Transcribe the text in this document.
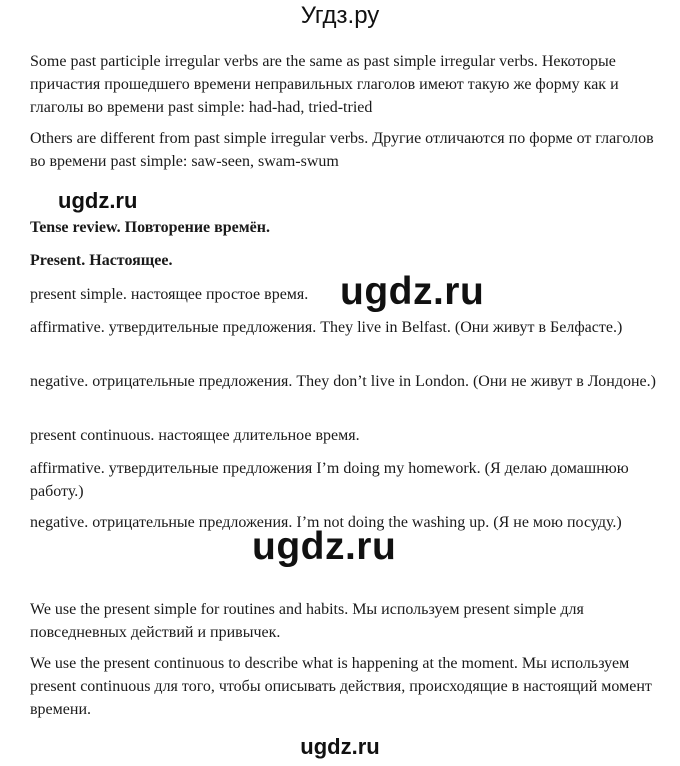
Угдз.ру

Some past participle irregular verbs are the same as past simple irregular verbs. Некоторые причастия прошедшего времени неправильных глаголов имеют такую же форму как и глаголы во времени past simple: had-had, tried-tried

Others are different from past simple irregular verbs. Другие отличаются по форме от глаголов во времени past simple: saw-seen, swam-swum

ugdz.ru

Tense review. Повторение времён.

Present. Настоящее.

present simple. настоящее простое время. ugdz.ru

affirmative. утвердительные предложения. They live in Belfast. (Они живут в Белфасте.)

negative. отрицательные предложения. They don’t live in London. (Они не живут в Лондоне.)

present continuous. настоящее длительное время.

affirmative. утвердительные предложения I’m doing my homework. (Я делаю домашнюю работу.)

negative. отрицательные предложения. I’m not doing the washing up. (Я не мою посуду.)

ugdz.ru

We use the present simple for routines and habits. Мы используем present simple для повседневных действий и привычек.

We use the present continuous to describe what is happening at the moment. Мы используем present continuous для того, чтобы описывать действия, происходящие в настоящий момент времени.

ugdz.ru
